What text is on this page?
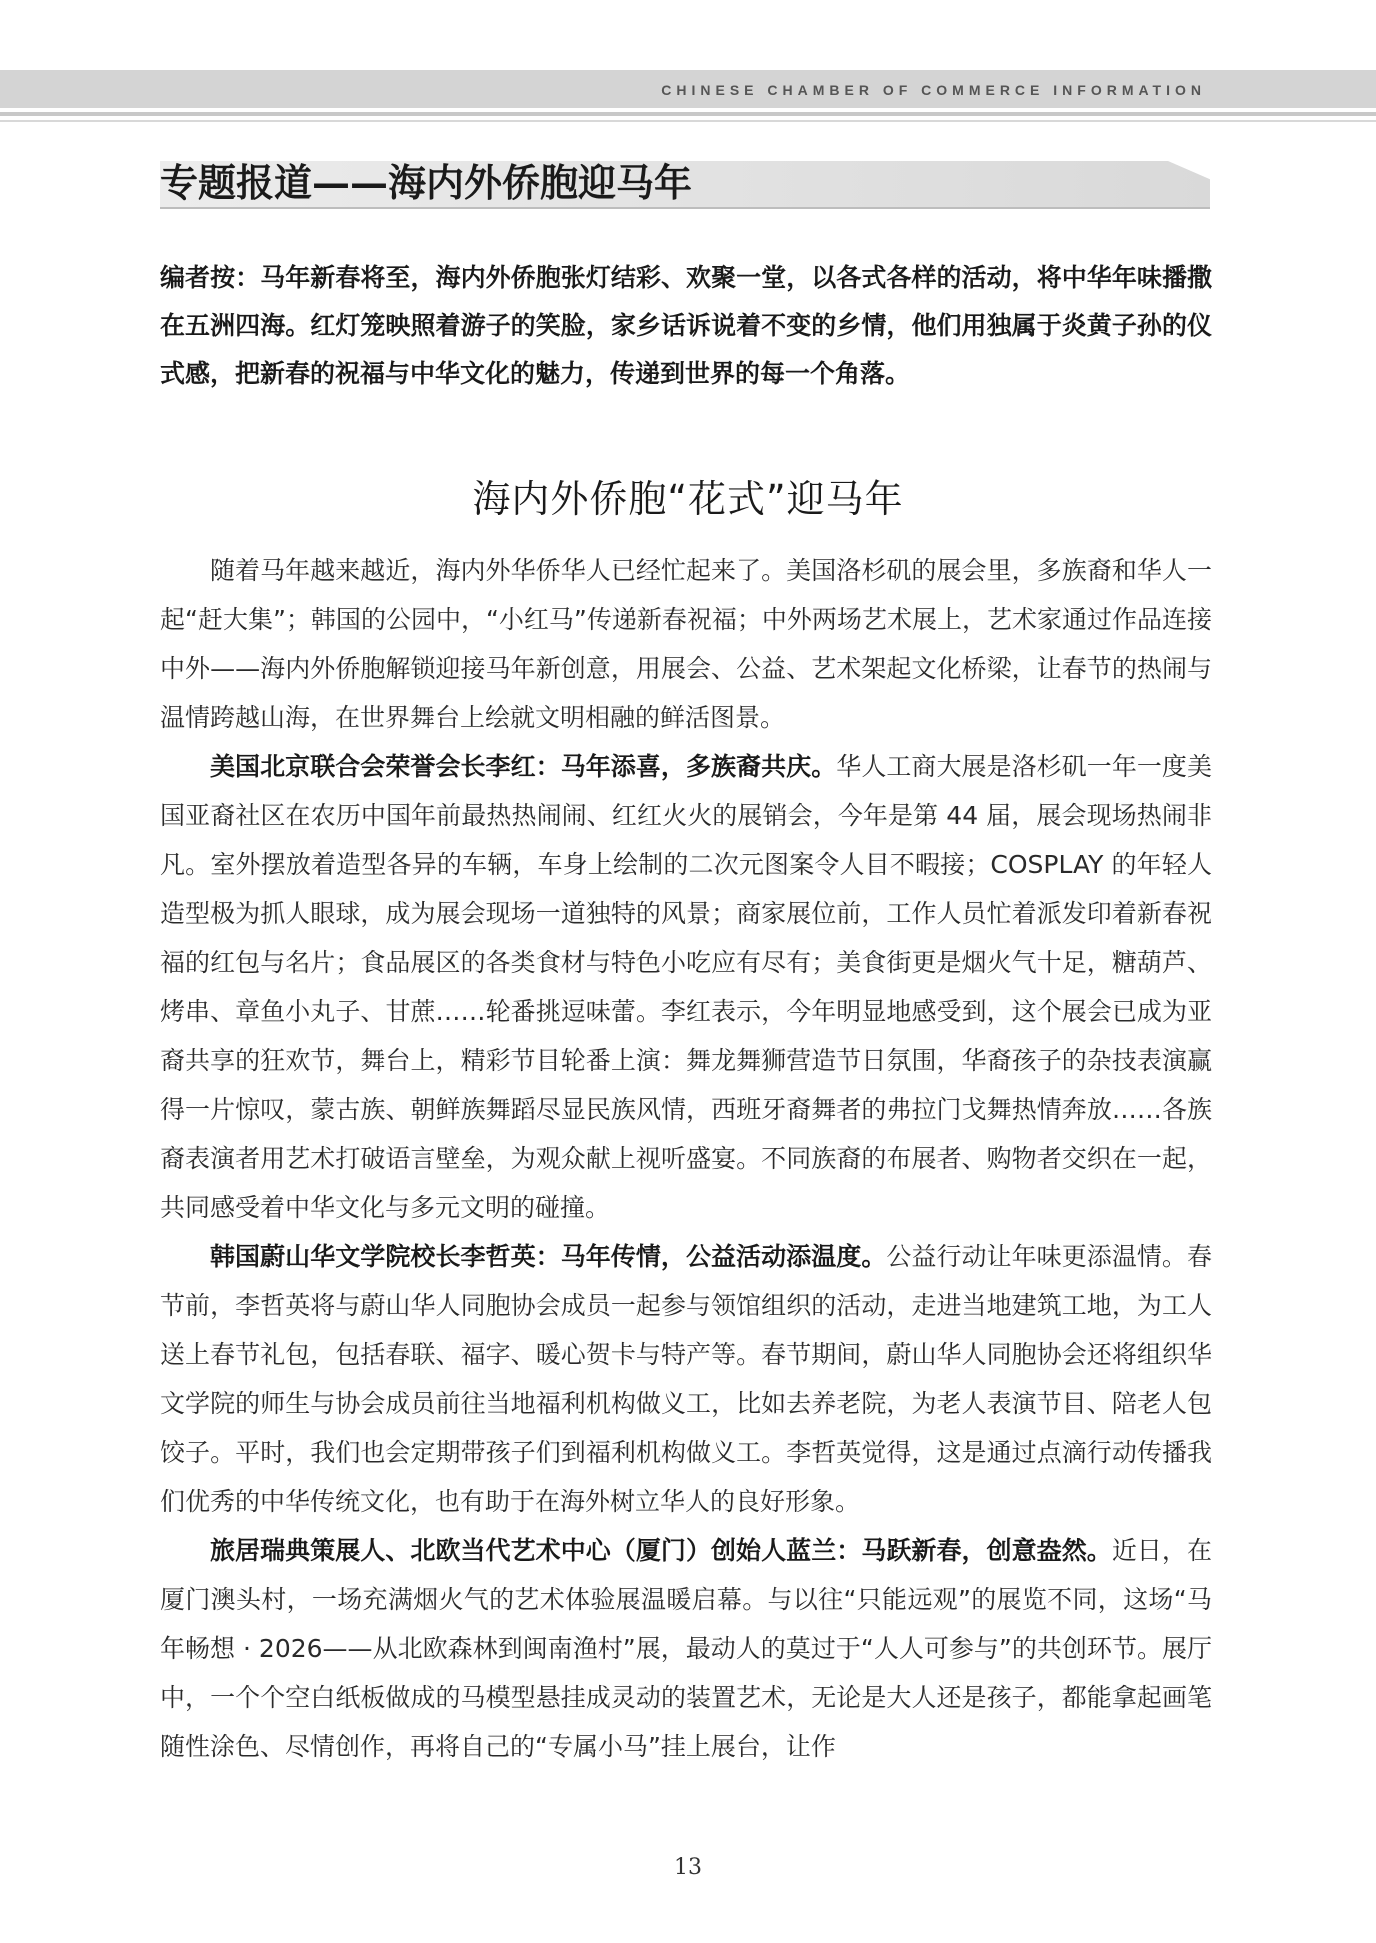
CHINESE CHAMBER OF COMMERCE INFORMATION
专题报道——海内外侨胞迎马年
编者按：马年新春将至，海内外侨胞张灯结彩、欢聚一堂，以各式各样的活动，将中华年味播撒在五洲四海。红灯笼映照着游子的笑脸，家乡话诉说着不变的乡情，他们用独属于炎黄子孙的仪式感，把新春的祝福与中华文化的魅力，传递到世界的每一个角落。
海内外侨胞“花式”迎马年

随着马年越来越近，海内外华侨华人已经忙起来了。美国洛杉矶的展会里，多族裔和华人一起“赶大集”；韩国的公园中，“小红马”传递新春祝福；中外两场艺术展上，艺术家通过作品连接中外——海内外侨胞解锁迎接马年新创意，用展会、公益、艺术架起文化桥梁，让春节的热闹与温情跨越山海，在世界舞台上绘就文明相融的鲜活图景。

美国北京联合会荣誉会长李红：马年添喜，多族裔共庆。华人工商大展是洛杉矶一年一度美国亚裔社区在农历中国年前最热热闹闹、红红火火的展销会，今年是第 44 届，展会现场热闹非凡。室外摆放着造型各异的车辆，车身上绘制的二次元图案令人目不暇接；COSPLAY 的年轻人造型极为抓人眼球，成为展会现场一道独特的风景；商家展位前，工作人员忙着派发印着新春祝福的红包与名片；食品展区的各类食材与特色小吃应有尽有；美食街更是烟火气十足，糖葫芦、烤串、章鱼小丸子、甘蔗……轮番挑逗味蕾。李红表示，今年明显地感受到，这个展会已成为亚裔共享的狂欢节，舞台上，精彩节目轮番上演：舞龙舞狮营造节日氛围，华裔孩子的杂技表演赢得一片惊叹，蒙古族、朝鲜族舞蹈尽显民族风情，西班牙裔舞者的弗拉门戈舞热情奔放……各族裔表演者用艺术打破语言壁垒，为观众献上视听盛宴。不同族裔的布展者、购物者交织在一起，共同感受着中华文化与多元文明的碰撞。

韩国蔚山华文学院校长李哲英：马年传情，公益活动添温度。公益行动让年味更添温情。春节前，李哲英将与蔚山华人同胞协会成员一起参与领馆组织的活动，走进当地建筑工地，为工人送上春节礼包，包括春联、福字、暖心贺卡与特产等。春节期间，蔚山华人同胞协会还将组织华文学院的师生与协会成员前往当地福利机构做义工，比如去养老院，为老人表演节目、陪老人包饺子。平时，我们也会定期带孩子们到福利机构做义工。李哲英觉得，这是通过点滴行动传播我们优秀的中华传统文化，也有助于在海外树立华人的良好形象。

旅居瑞典策展人、北欧当代艺术中心（厦门）创始人蓝兰：马跃新春，创意盎然。近日，在厦门澳头村，一场充满烟火气的艺术体验展温暖启幕。与以往“只能远观”的展览不同，这场“马年畅想 · 2026——从北欧森林到闽南渔村”展，最动人的莫过于“人人可参与”的共创环节。展厅中，一个个空白纸板做成的马模型悬挂成灵动的装置艺术，无论是大人还是孩子，都能拿起画笔随性涂色、尽情创作，再将自己的“专属小马”挂上展台，让作

13
